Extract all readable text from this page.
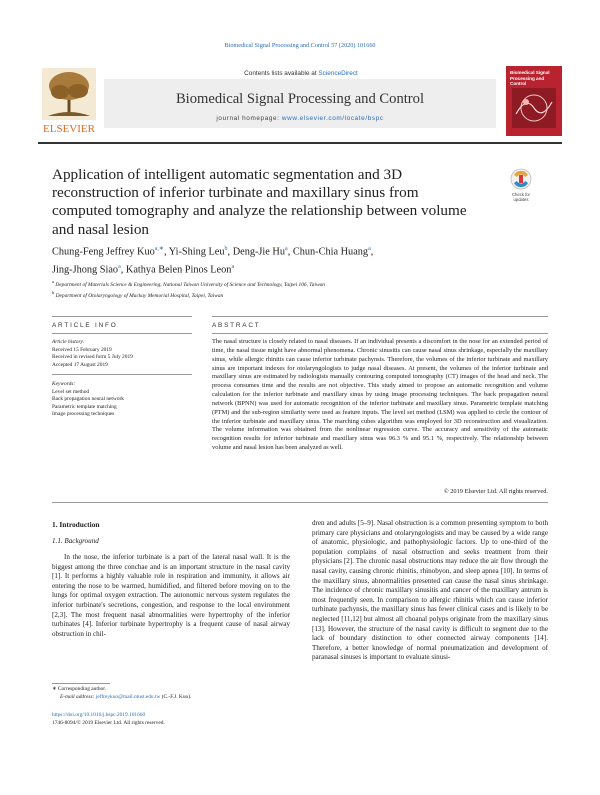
Biomedical Signal Processing and Control 57 (2020) 101660
ELSEVIER
Contents lists available at ScienceDirect
Biomedical Signal Processing and Control
journal homepage: www.elsevier.com/locate/bspc
Biomedical Signal Processing and Control
Application of intelligent automatic segmentation and 3D reconstruction of inferior turbinate and maxillary sinus from computed tomography and analyze the relationship between volume and nasal lesion
Check for
updates
Chung-Feng Jeffrey Kuo$^{a,∗}$, Yi-Shing Leu$^b$, Deng-Jie Hu$^a$, Chun-Chia Huang$^a$,
Jing-Jhong Siao$^a$, Kathya Belen Pinos Leon$^a$
$^a$ Department of Materials Science & Engineering, National Taiwan University of Science and Technology, Taipei 106, Taiwan
$^b$ Department of Otolaryngology of Mackay Memorial Hospital, Taipei, Taiwan
ARTICLE INFO	ABSTRACT
Article history:
Received 15 February 2019
Received in revised form 5 July 2019
Accepted 17 August 2019
Keywords:
Level set method
Back propagation neural network
Parametric template matching
Image processing techniques
The nasal structure is closely related to nasal diseases. If an individual presents a discomfort in the nose for an extended period of time, the nasal tissue might have abnormal phenomena. Chronic sinusitis can cause nasal sinus shrinkage, especially the maxillary sinus, while allergic rhinitis can cause inferior turbinate pachynsis. Therefore, the volumes of the inferior turbinate and maxillary sinus are important indexes for otolaryngologists to judge nasal diseases. At present, the volumes of the inferior turbinate and maxillary sinus are estimated by radiologists manually contouring computed tomography (CT) images of the head and neck. The process consumes time and the results are not objective. This study aimed to propose an automatic recognition and volume calculation for the inferior turbinate and maxillary sinus by using image processing techniques. The back propagation neural network (BPNN) was used for automatic recognition of the inferior turbinate and maxillary sinus. Parametric template matching (PTM) and the sub-region similarity were used as feature inputs. The level set method (LSM) was applied to circle the contour of the inferior turbinate and maxillary sinus. The marching cubes algorithm was employed for 3D reconstruction and visualization. The volume information was obtained from the nonlinear regression curve. The accuracy and sensitivity of the automatic recognition results for inferior turbinate and maxillary sinus was 96.3 % and 95.1 %, respectively. The relationship between volume and nasal lesion has been analyzed as well.
© 2019 Elsevier Ltd. All rights reserved.
1. Introduction
1.1. Background

In the nose, the inferior turbinate is a part of the lateral nasal wall. It is the biggest among the three conchae and is an important structure in the nasal cavity [1]. It performs a highly valuable role in respiration and immunity, it allows air entering the nose to be warmed, humidified, and filtered before moving on to the lungs for optimal oxygen extraction. The autonomic nervous system regulates the inferior turbinate's secretions, congestion, and response to the local environment [2,3]. The most frequent nasal abnormalities were hypertrophy of the inferior turbinates [4]. Inferior turbinate hypertrophy is a frequent cause of nasal airway obstruction in chil-

dren and adults [5–9]. Nasal obstruction is a common presenting symptom to both primary care physicians and otolaryngologists and may be caused by a wide range of anatomic, physiologic, and pathophysiologic factors. Up to one-third of the population complains of nasal obstruction and seeks treatment from their physicians [2]. The chronic nasal obstructions may reduce the air flow through the nasal cavity, causing chronic rhinitis, rhinobyon, and sleep apnea [10]. In terms of the maxillary sinus, abnormalities presented can cause the nasal sinus shrinkage. The incidence of chronic maxillary sinusitis and cancer of the maxillary antrum is most frequently seen. In comparison to allergic rhinitis which can cause inferior turbinate pachynsis, the maxillary sinus has fewer clinical cases and is likely to be neglected [11,12] but almost all choanal polyps originate from the maxillary sinus [13]. However, the structure of the nasal cavity is difficult to segment due to the lack of boundary distinction to other connected airway components [14]. Therefore, a better knowledge of normal pneumatization and development of paranasal sinuses is important to evaluate sinusi-

∗ Corresponding author.
E-mail address: jeffreykuo@mail.ntust.edu.tw (C.-F.J. Kuo).
https://doi.org/10.1016/j.bspc.2019.101660
1746-8094/© 2019 Elsevier Ltd. All rights reserved.
